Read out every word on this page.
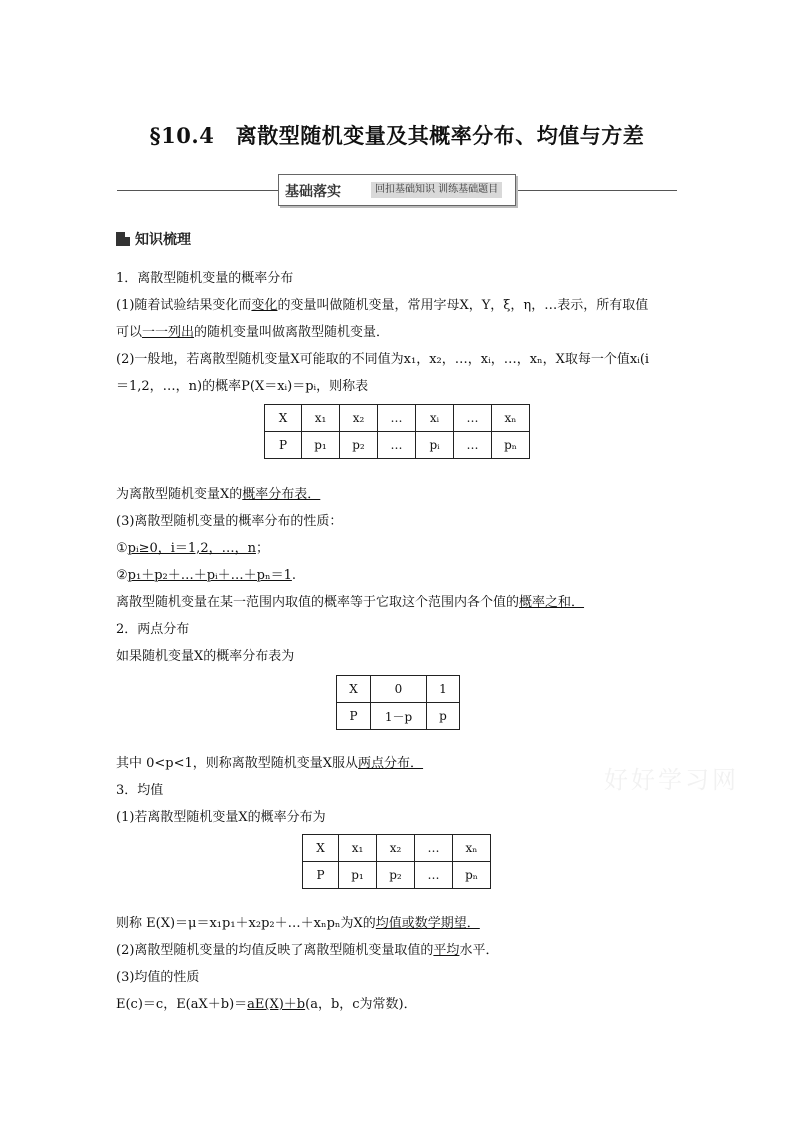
§10.4　离散型随机变量及其概率分布、均值与方差
基础落实	回扣基础知识 训练基础题目
知识梳理
1．离散型随机变量的概率分布
(1)随着试验结果变化而变化的变量叫做随机变量，常用字母X，Y，ξ，η，…表示，所有取值
可以一一列出的随机变量叫做离散型随机变量．
(2)一般地，若离散型随机变量X可能取的不同值为x₁，x₂，…，xᵢ，…，xₙ，X取每一个值xᵢ(i
＝1,2，…，n)的概率P(X＝xᵢ)＝pᵢ，则称表
X	x₁	x₂	…	xᵢ	…	xₙ
P	p₁	p₂	…	pᵢ	…	pₙ
为离散型随机变量X的概率分布表．
(3)离散型随机变量的概率分布的性质：
①pᵢ≥0，i＝1,2，…，n；
②p₁＋p₂＋…＋pᵢ＋…＋pₙ＝1.
离散型随机变量在某一范围内取值的概率等于它取这个范围内各个值的概率之和．
2．两点分布
如果随机变量X的概率分布表为
X	0	1
P	1－p	p
其中 0<p<1，则称离散型随机变量X服从两点分布．
3．均值
(1)若离散型随机变量X的概率分布为
X	x₁	x₂	…	xₙ
P	p₁	p₂	…	pₙ
则称 E(X)＝μ＝x₁p₁＋x₂p₂＋…＋xₙpₙ为X的均值或数学期望．
(2)离散型随机变量的均值反映了离散型随机变量取值的平均水平．
(3)均值的性质
E(c)＝c，E(aX＋b)＝aE(X)＋b(a，b，c为常数)．
好好学习网
